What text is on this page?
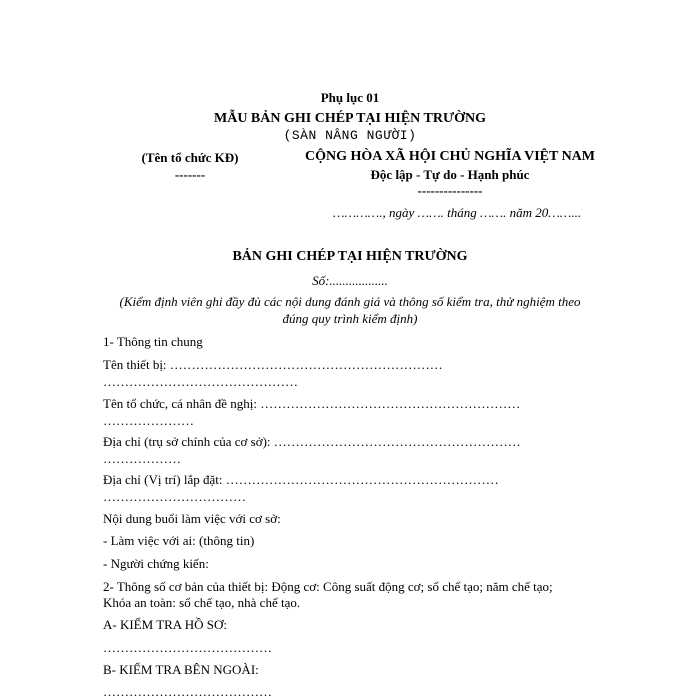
Phụ lục 01
MẪU BẢN GHI CHÉP TẠI HIỆN TRƯỜNG
(SÀN NÂNG NGƯỜI)
(Tên tổ chức KĐ)
-------
CỘNG HÒA XÃ HỘI CHỦ NGHĨA VIỆT NAM
Độc lập - Tự do - Hạnh phúc
---------------
…………., ngày ……. tháng ……. năm 20……...
BẢN GHI CHÉP TẠI HIỆN TRƯỜNG
Số:..................
(Kiểm định viên ghi đầy đủ các nội dung đánh giá và thông số kiểm tra, thử nghiệm theo
đúng quy trình kiểm định)
1- Thông tin chung
Tên thiết bị: ………………………………………………………
………………………………………
Tên tổ chức, cá nhân đề nghị: ……………………………………………………
…………………
Địa chỉ (trụ sở chính của cơ sở): …………………………………………………
………………
Địa chỉ (Vị trí) lắp đặt: ………………………………………………………
……………………………
Nội dung buổi làm việc với cơ sở:
- Làm việc với ai: (thông tin)
- Người chứng kiến:
2- Thông số cơ bản của thiết bị: Động cơ: Công suất động cơ; số chế tạo; năm chế tạo;
Khóa an toàn: số chế tạo, nhà chế tạo.
A- KIỂM TRA HỒ SƠ:
…………………………………
B- KIỂM TRA BÊN NGOÀI:
…………………………………
